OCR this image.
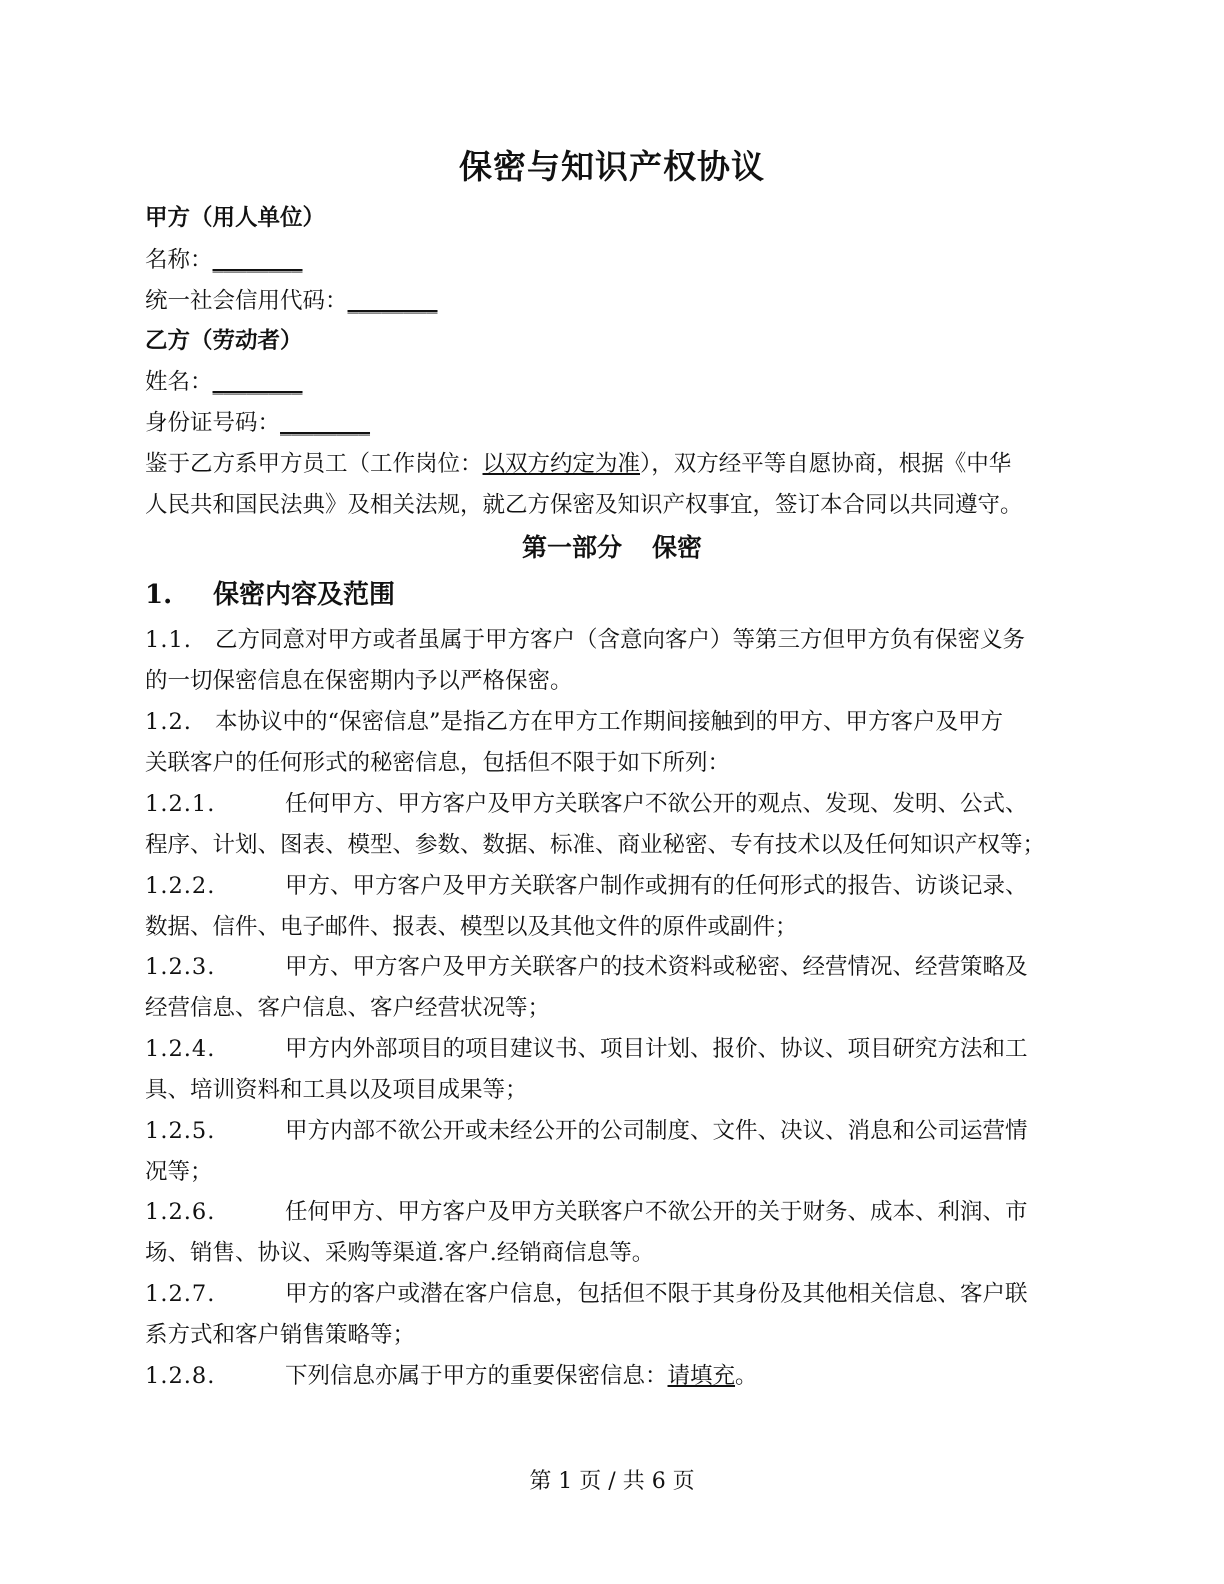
保密与知识产权协议
甲方（用人单位）
名称：________
统一社会信用代码：________
乙方（劳动者）
姓名：________
身份证号码：________
鉴于乙方系甲方员工（工作岗位：以双方约定为准），双方经平等自愿协商，根据《中华
人民共和国民法典》及相关法规，就乙方保密及知识产权事宜，签订本合同以共同遵守。
第一部分 保密
1. 保密内容及范围
1.1. 乙方同意对甲方或者虽属于甲方客户（含意向客户）等第三方但甲方负有保密义务
的一切保密信息在保密期内予以严格保密。
1.2. 本协议中的“保密信息”是指乙方在甲方工作期间接触到的甲方、甲方客户及甲方
关联客户的任何形式的秘密信息，包括但不限于如下所列：
1.2.1.	任何甲方、甲方客户及甲方关联客户不欲公开的观点、发现、发明、公式、
程序、计划、图表、模型、参数、数据、标准、商业秘密、专有技术以及任何知识产权等；
1.2.2.	甲方、甲方客户及甲方关联客户制作或拥有的任何形式的报告、访谈记录、
数据、信件、电子邮件、报表、模型以及其他文件的原件或副件；
1.2.3.	甲方、甲方客户及甲方关联客户的技术资料或秘密、经营情况、经营策略及
经营信息、客户信息、客户经营状况等；
1.2.4.	甲方内外部项目的项目建议书、项目计划、报价、协议、项目研究方法和工
具、培训资料和工具以及项目成果等；
1.2.5.	甲方内部不欲公开或未经公开的公司制度、文件、决议、消息和公司运营情
况等；
1.2.6.	任何甲方、甲方客户及甲方关联客户不欲公开的关于财务、成本、利润、市
场、销售、协议、采购等渠道.客户.经销商信息等。
1.2.7.	甲方的客户或潜在客户信息，包括但不限于其身份及其他相关信息、客户联
系方式和客户销售策略等；
1.2.8.	下列信息亦属于甲方的重要保密信息：请填充。
第 1 页 / 共 6 页
